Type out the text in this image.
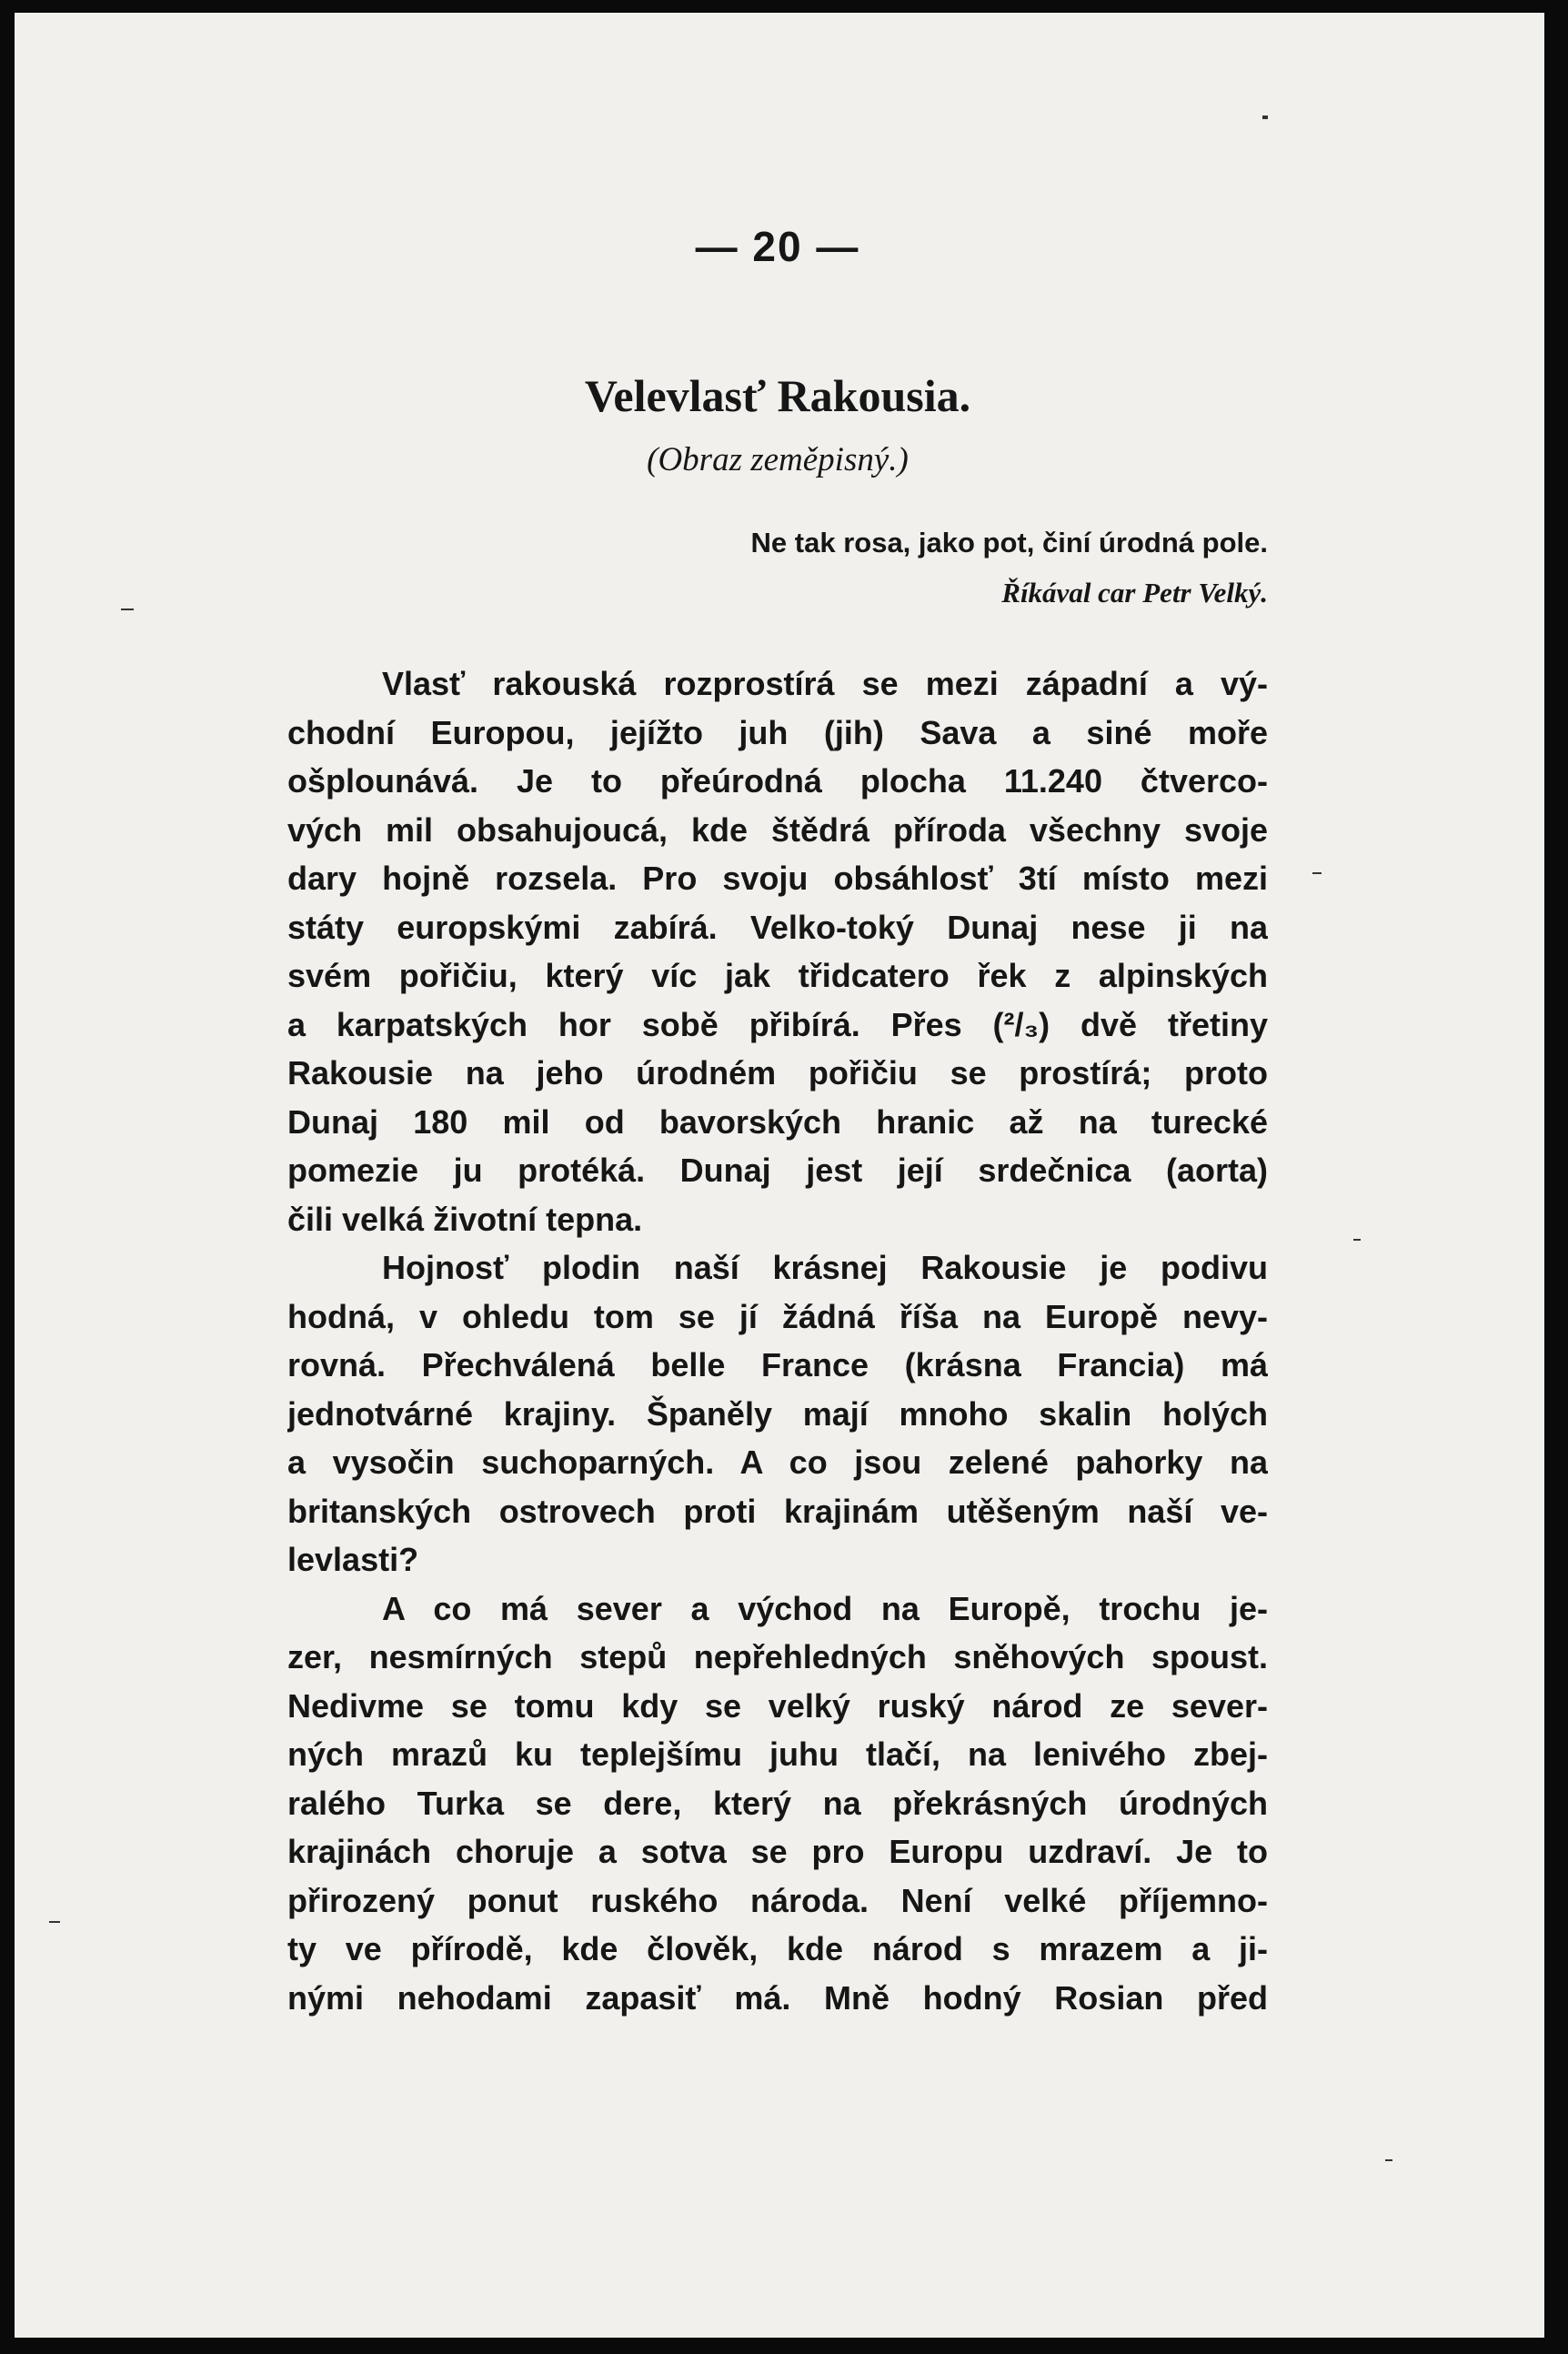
— 20 —
Velevlasť Rakousia.
(Obraz zeměpisný.)
Ne tak rosa, jako pot, činí úrodná pole.
Říkával car Petr Velký.
Vlasť rakouská rozprostírá se mezi západní a vý-
chodní Europou, jejížto juh (jih) Sava a siné moře
ošplounává. Je to přeúrodná plocha 11.240 čtverco-
vých mil obsahujoucá, kde štědrá příroda všechny svoje
dary hojně rozsela. Pro svoju obsáhlosť 3tí místo mezi
státy europskými zabírá. Velko-toký Dunaj nese ji na
svém pořičiu, který víc jak třidcatero řek z alpinských
a karpatských hor sobě přibírá. Přes (²/₃) dvě třetiny
Rakousie na jeho úrodném pořičiu se prostírá; proto
Dunaj 180 mil od bavorských hranic až na turecké
pomezie ju protéká. Dunaj jest její srdečnica (aorta)
čili velká životní tepna.
Hojnosť plodin naší krásnej Rakousie je podivu
hodná, v ohledu tom se jí žádná říša na Europě nevy-
rovná. Přechválená belle France (krásna Francia) má
jednotvárné krajiny. Španěly mají mnoho skalin holých
a vysočin suchoparných. A co jsou zelené pahorky na
britanských ostrovech proti krajinám utěšeným naší ve-
levlasti?
A co má sever a východ na Europě, trochu je-
zer, nesmírných stepů nepřehledných sněhových spoust.
Nedivme se tomu kdy se velký ruský národ ze sever-
ných mrazů ku teplejšímu juhu tlačí, na lenivého zbej-
ralého Turka se dere, který na překrásných úrodných
krajinách choruje a sotva se pro Europu uzdraví. Je to
přirozený ponut ruského národa. Není velké příjemno-
ty ve přírodě, kde člověk, kde národ s mrazem a ji-
nými nehodami zapasiť má. Mně hodný Rosian před
